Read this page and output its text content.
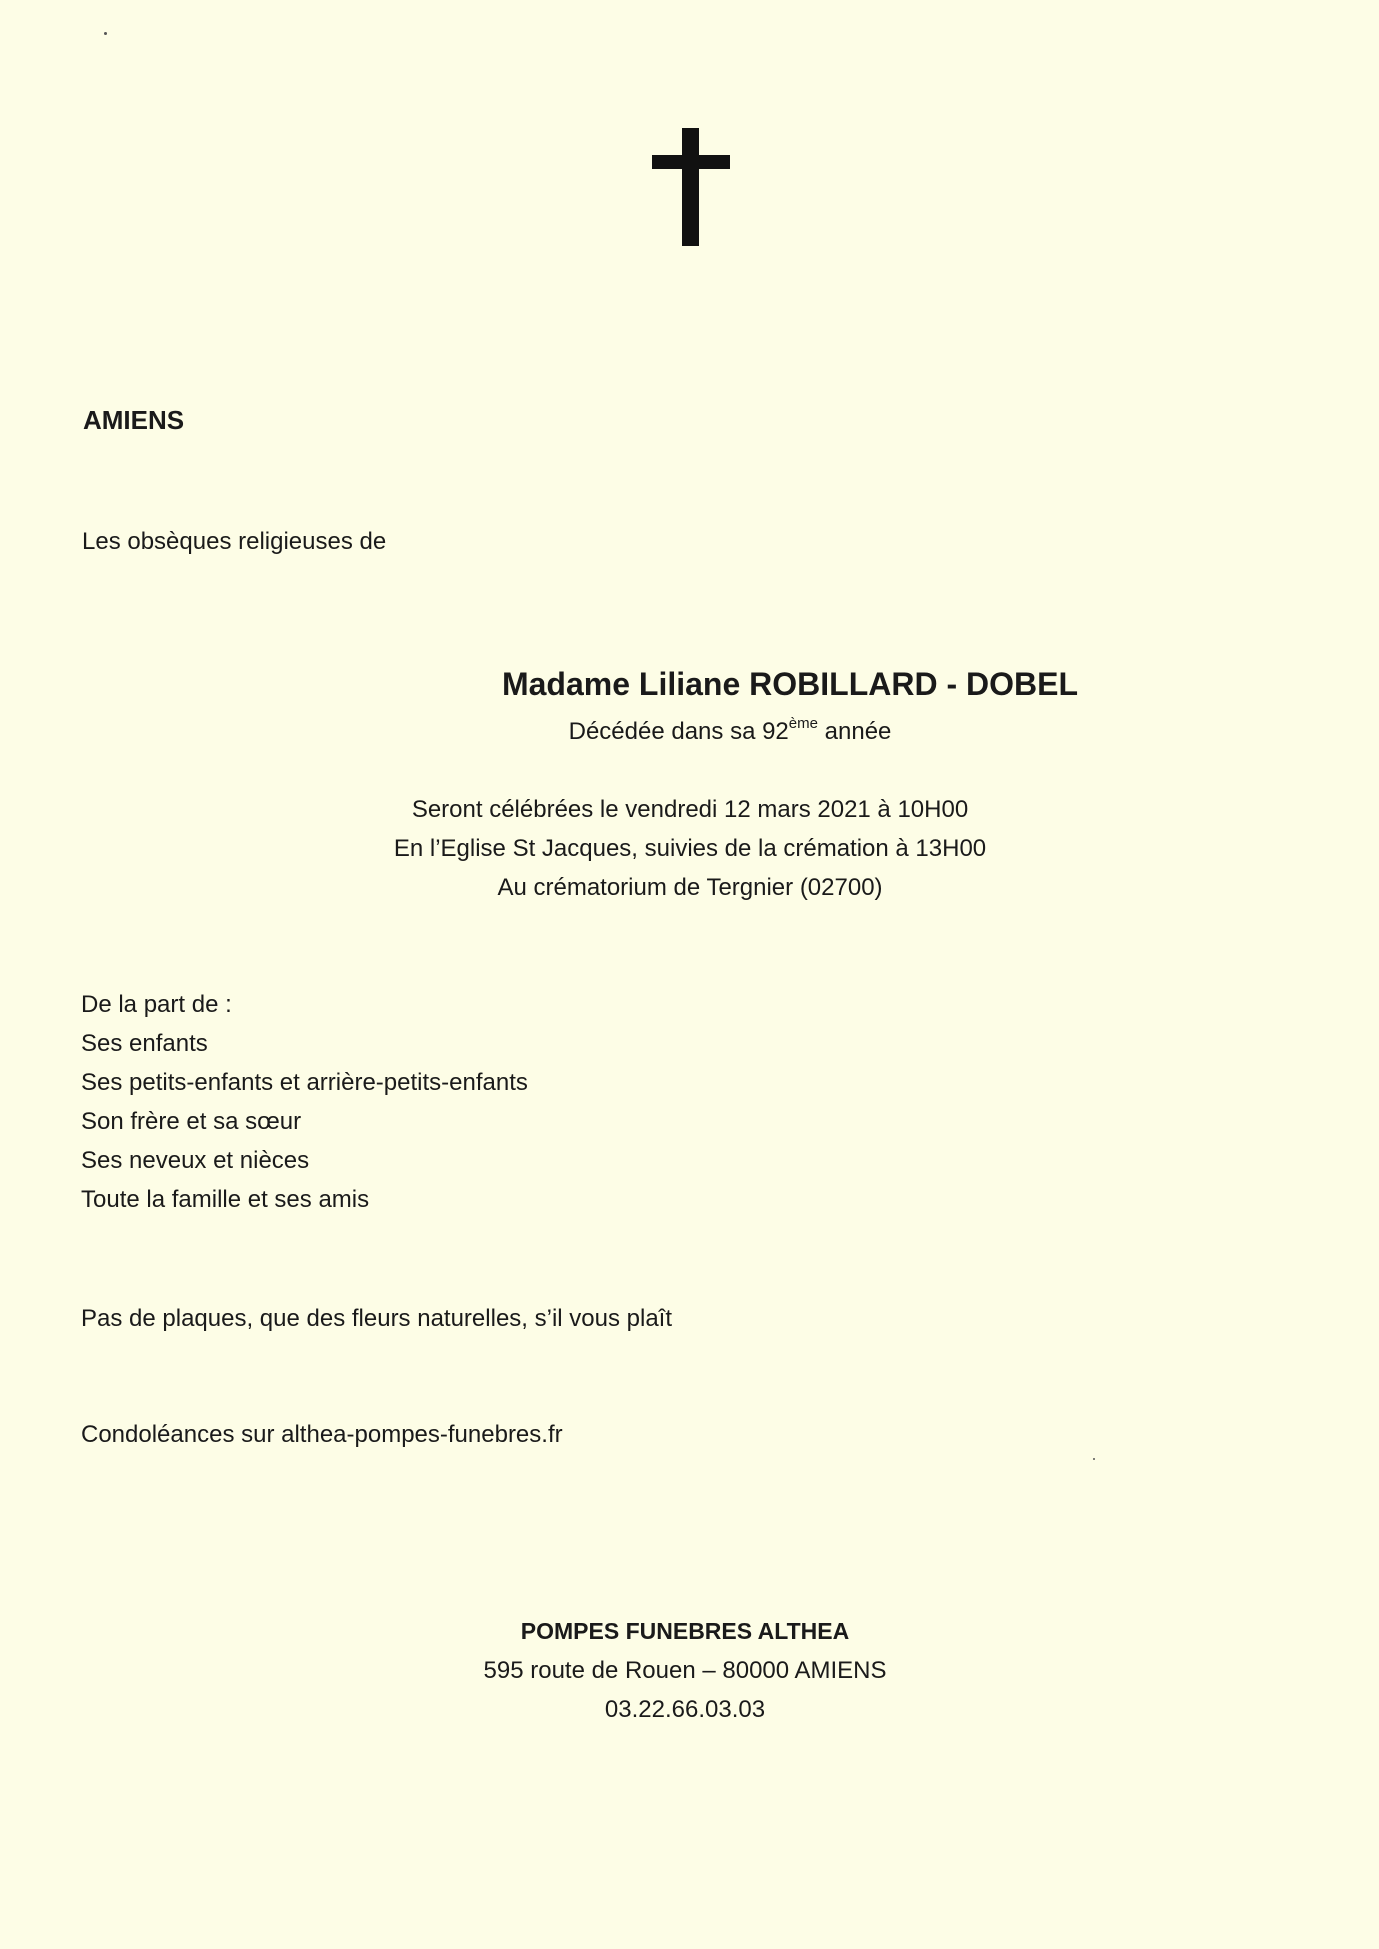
AMIENS
Les obsèques religieuses de
Madame Liliane ROBILLARD - DOBEL
Décédée dans sa 92ème année
Seront célébrées le vendredi 12 mars 2021 à 10H00
En l’Eglise St Jacques, suivies de la crémation à 13H00
Au crématorium de Tergnier (02700)
De la part de :
Ses enfants
Ses petits-enfants et arrière-petits-enfants
Son frère et sa sœur
Ses neveux et nièces
Toute la famille et ses amis
Pas de plaques, que des fleurs naturelles, s’il vous plaît
Condoléances sur althea-pompes-funebres.fr
POMPES FUNEBRES ALTHEA
595 route de Rouen – 80000 AMIENS
03.22.66.03.03
